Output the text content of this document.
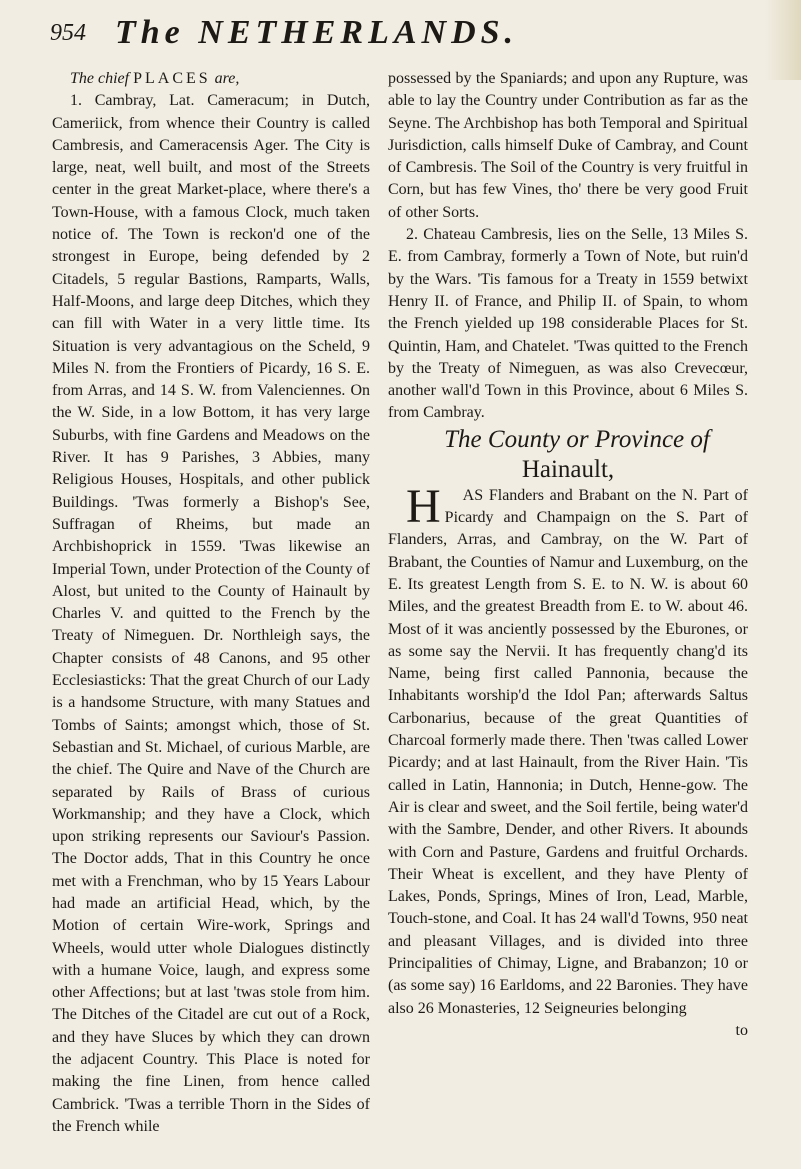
954 The NETHERLANDS.

The chief PLACES are,

1. Cambray, Lat. Cameracum; in Dutch, Cameriick, from whence their Country is called Cambresis, and Cameracensis Ager. The City is large, neat, well built, and most of the Streets center in the great Market-place, where there's a Town-House, with a famous Clock, much taken notice of. The Town is reckon'd one of the strongest in Europe, being defended by 2 Citadels, 5 regular Bastions, Ramparts, Walls, Half-Moons, and large deep Ditches, which they can fill with Water in a very little time. Its Situation is very advantagious on the Scheld, 9 Miles N. from the Frontiers of Picardy, 16 S. E. from Arras, and 14 S. W. from Valenciennes. On the W. Side, in a low Bottom, it has very large Suburbs, with fine Gardens and Meadows on the River. It has 9 Parishes, 3 Abbies, many Religious Houses, Hospitals, and other publick Buildings. 'Twas formerly a Bishop's See, Suffragan of Rheims, but made an Archbishoprick in 1559. 'Twas likewise an Imperial Town, under Protection of the County of Alost, but united to the County of Hainault by Charles V. and quitted to the French by the Treaty of Nimeguen. Dr. Northleigh says, the Chapter consists of 48 Canons, and 95 other Ecclesiasticks: That the great Church of our Lady is a handsome Structure, with many Statues and Tombs of Saints; amongst which, those of St. Sebastian and St. Michael, of curious Marble, are the chief. The Quire and Nave of the Church are separated by Rails of Brass of curious Workmanship; and they have a Clock, which upon striking represents our Saviour's Passion. The Doctor adds, That in this Country he once met with a Frenchman, who by 15 Years Labour had made an artificial Head, which, by the Motion of certain Wire-work, Springs and Wheels, would utter whole Dialogues distinctly with a humane Voice, laugh, and express some other Affections; but at last 'twas stole from him. The Ditches of the Citadel are cut out of a Rock, and they have Sluces by which they can drown the adjacent Country. This Place is noted for making the fine Linen, from hence called Cambrick. 'Twas a terrible Thorn in the Sides of the French while

possessed by the Spaniards; and upon any Rupture, was able to lay the Country under Contribution as far as the Seyne. The Archbishop has both Temporal and Spiritual Jurisdiction, calls himself Duke of Cambray, and Count of Cambresis. The Soil of the Country is very fruitful in Corn, but has few Vines, tho' there be very good Fruit of other Sorts.

2. Chateau Cambresis, lies on the Selle, 13 Miles S. E. from Cambray, formerly a Town of Note, but ruin'd by the Wars. 'Tis famous for a Treaty in 1559 betwixt Henry II. of France, and Philip II. of Spain, to whom the French yielded up 198 considerable Places for St. Quintin, Ham, and Chatelet. 'Twas quitted to the French by the Treaty of Nimeguen, as was also Crevecœur, another wall'd Town in this Province, about 6 Miles S. from Cambray.

The County or Province of Hainault,

H AS Flanders and Brabant on the N. Part of Picardy and Champaign on the S. Part of Flanders, Arras, and Cambray, on the W. Part of Brabant, the Counties of Namur and Luxemburg, on the E. Its greatest Length from S. E. to N. W. is about 60 Miles, and the greatest Breadth from E. to W. about 46. Most of it was anciently possessed by the Eburones, or as some say the Nervii. It has frequently chang'd its Name, being first called Pannonia, because the Inhabitants worship'd the Idol Pan; afterwards Saltus Carbonarius, because of the great Quantities of Charcoal formerly made there. Then 'twas called Lower Picardy; and at last Hainault, from the River Hain. 'Tis called in Latin, Hannonia; in Dutch, Henne-gow. The Air is clear and sweet, and the Soil fertile, being water'd with the Sambre, Dender, and other Rivers. It abounds with Corn and Pasture, Gardens and fruitful Orchards. Their Wheat is excellent, and they have Plenty of Lakes, Ponds, Springs, Mines of Iron, Lead, Marble, Touch-stone, and Coal. It has 24 wall'd Towns, 950 neat and pleasant Villages, and is divided into three Principalities of Chimay, Ligne, and Brabanzon; 10 or (as some say) 16 Earldoms, and 22 Baronies. They have also 26 Monasteries, 12 Seigneuries belonging

to
